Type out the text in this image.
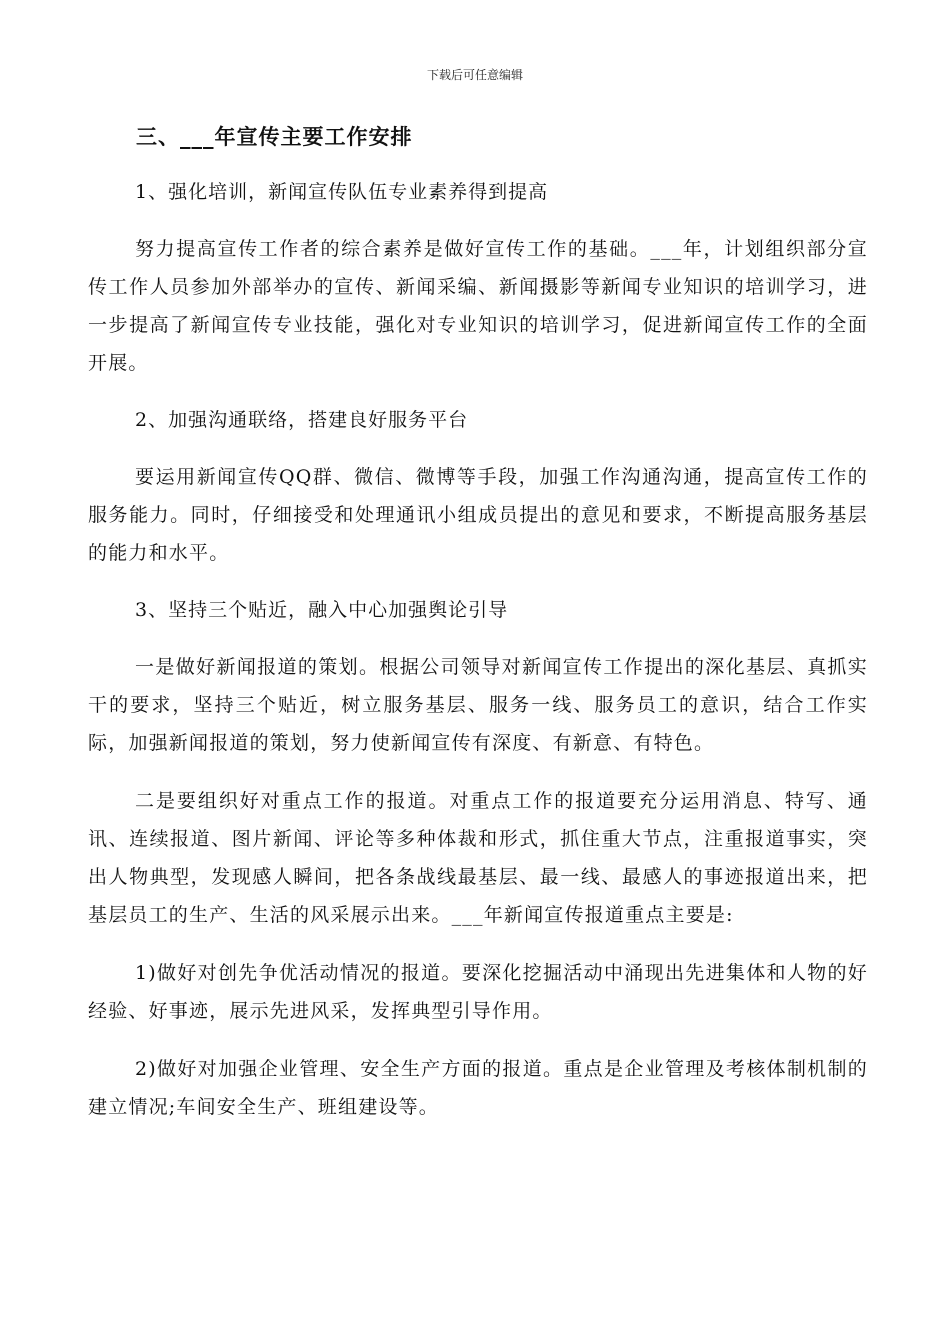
下载后可任意编辑
三、___年宣传主要工作安排
1、强化培训，新闻宣传队伍专业素养得到提高
努力提高宣传工作者的综合素养是做好宣传工作的基础。___年，计划组织部分宣传工作人员参加外部举办的宣传、新闻采编、新闻摄影等新闻专业知识的培训学习，进一步提高了新闻宣传专业技能，强化对专业知识的培训学习，促进新闻宣传工作的全面开展。
2、加强沟通联络，搭建良好服务平台
要运用新闻宣传QQ群、微信、微博等手段，加强工作沟通沟通，提高宣传工作的服务能力。同时，仔细接受和处理通讯小组成员提出的意见和要求，不断提高服务基层的能力和水平。
3、坚持三个贴近，融入中心加强舆论引导
一是做好新闻报道的策划。根据公司领导对新闻宣传工作提出的深化基层、真抓实干的要求，坚持三个贴近，树立服务基层、服务一线、服务员工的意识，结合工作实际，加强新闻报道的策划，努力使新闻宣传有深度、有新意、有特色。
二是要组织好对重点工作的报道。对重点工作的报道要充分运用消息、特写、通讯、连续报道、图片新闻、评论等多种体裁和形式，抓住重大节点，注重报道事实，突出人物典型，发现感人瞬间，把各条战线最基层、最一线、最感人的事迹报道出来，把基层员工的生产、生活的风采展示出来。___年新闻宣传报道重点主要是:
1)做好对创先争优活动情况的报道。要深化挖掘活动中涌现出先进集体和人物的好经验、好事迹，展示先进风采，发挥典型引导作用。
2)做好对加强企业管理、安全生产方面的报道。重点是企业管理及考核体制机制的建立情况;车间安全生产、班组建设等。
